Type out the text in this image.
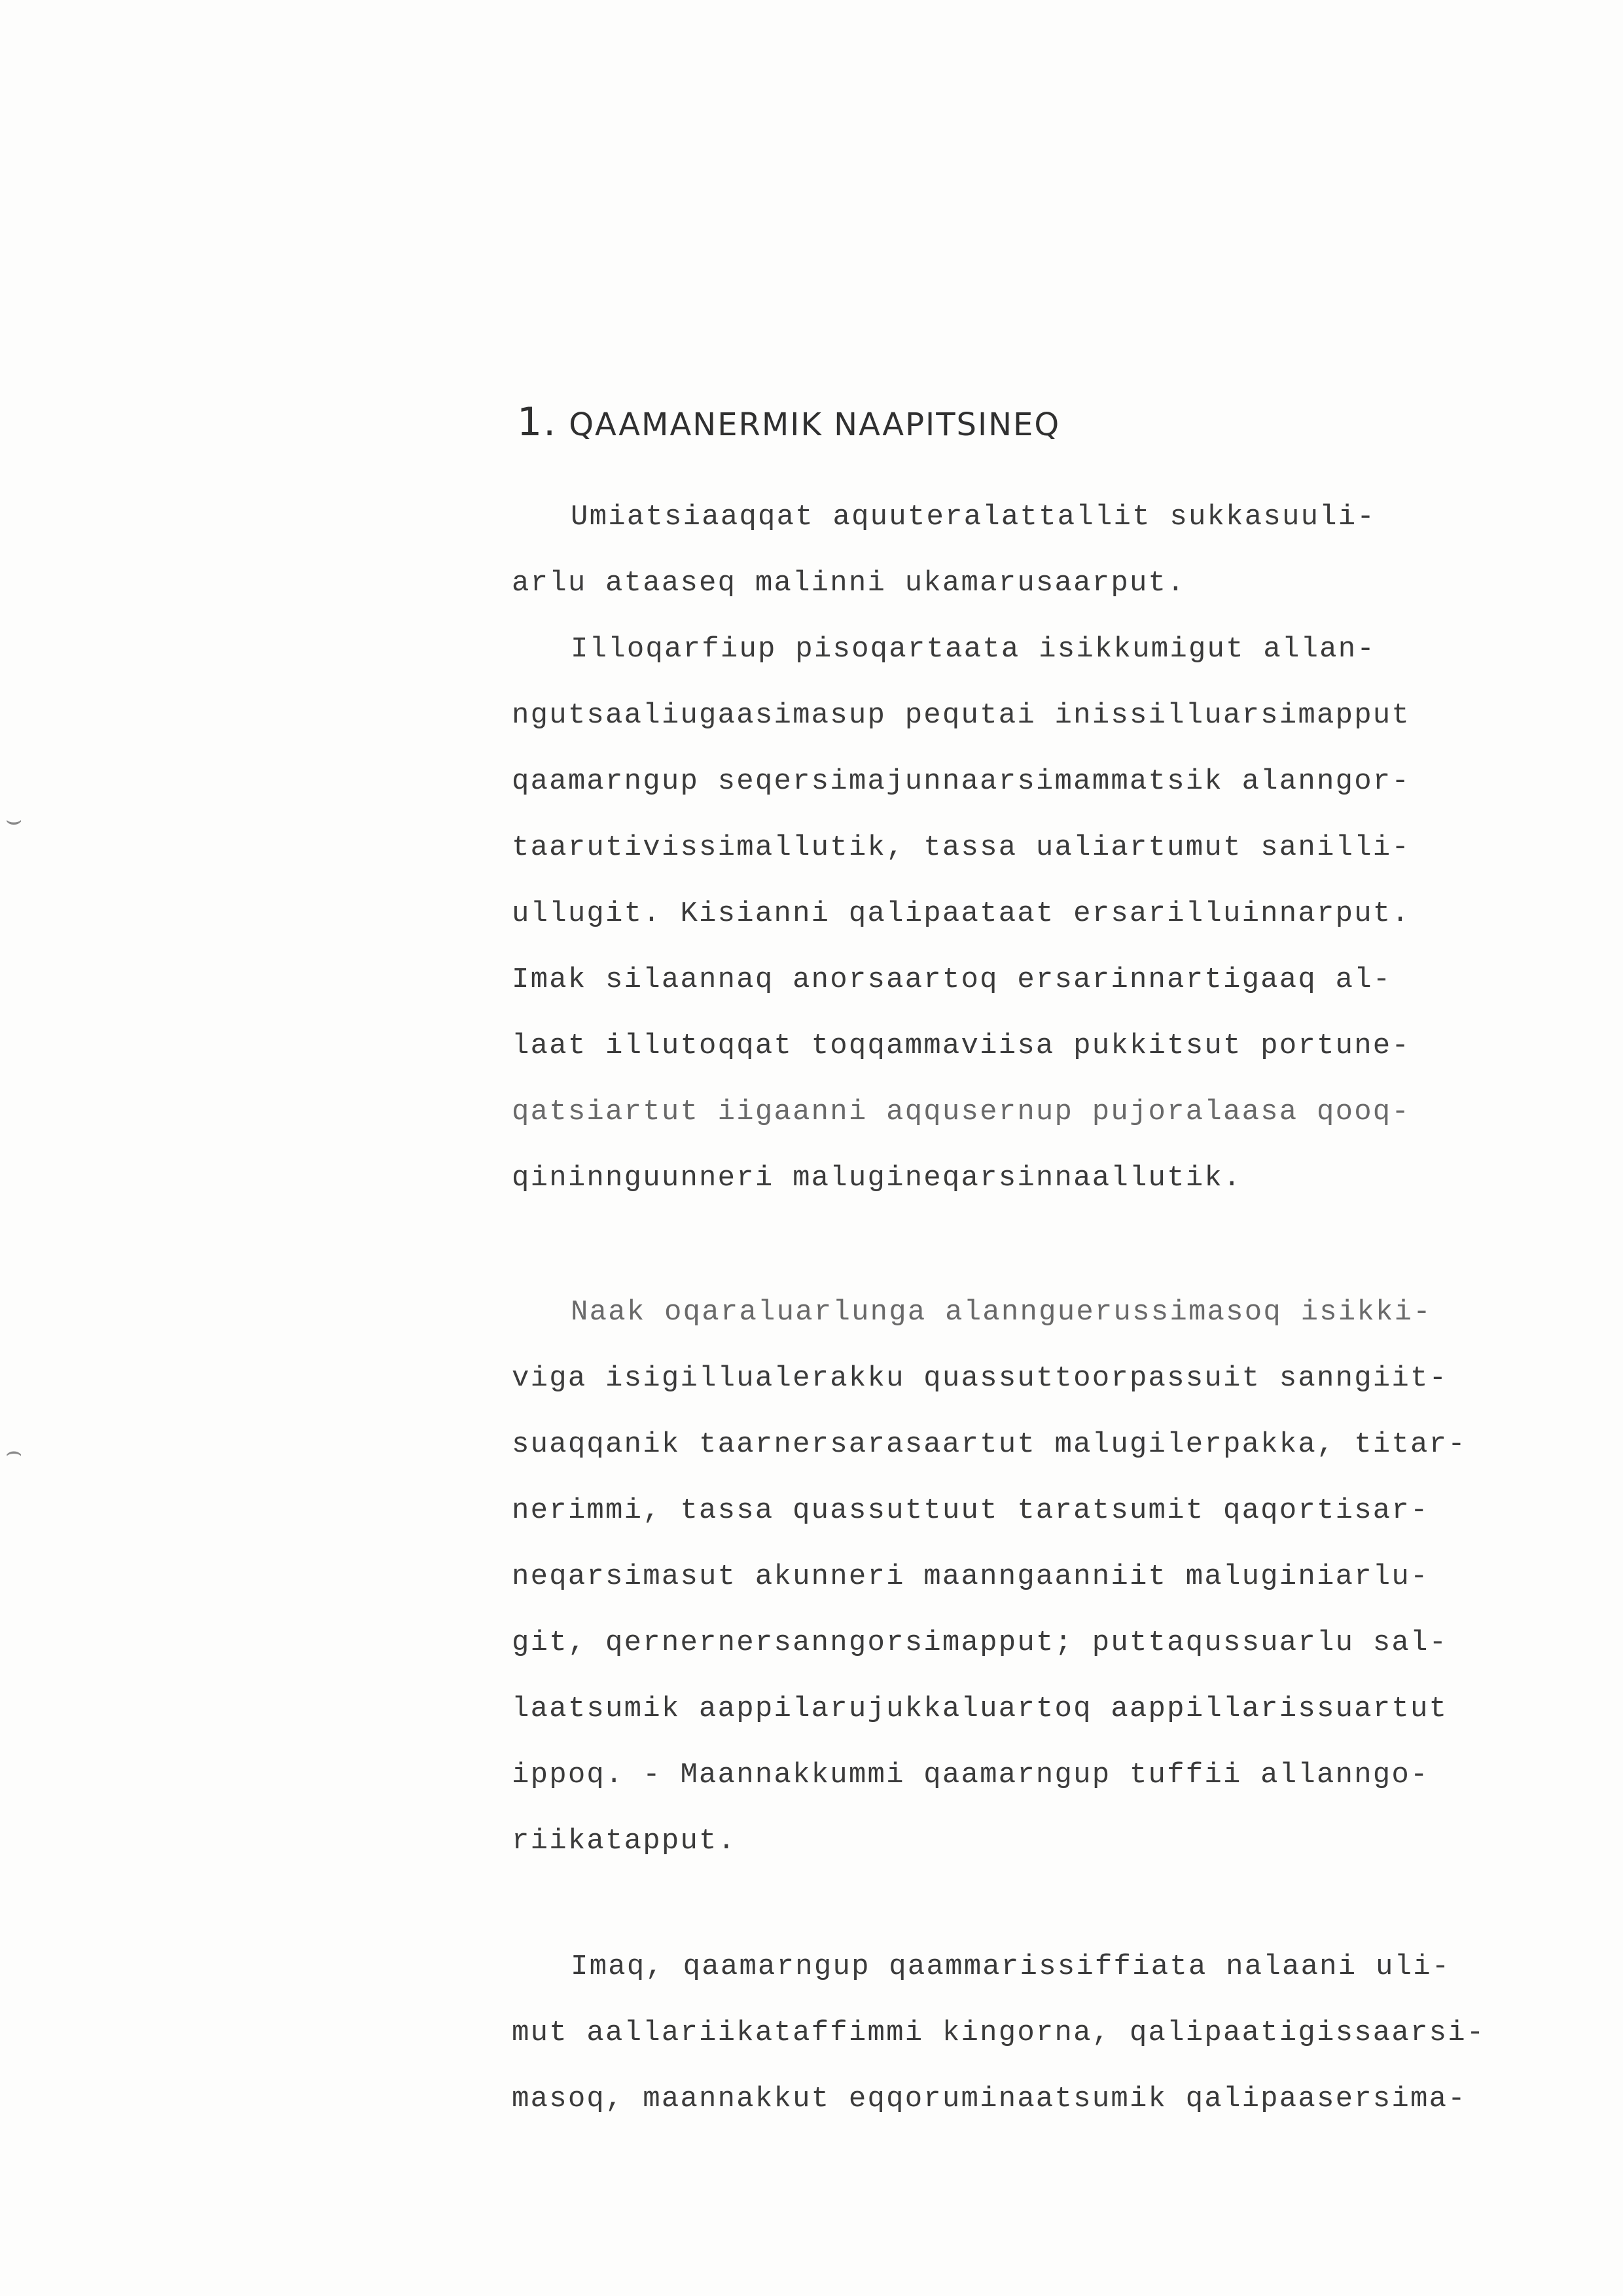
1. QAAMANERMIK NAAPITSINEQ
Umiatsiaaqqat aquuteralattallit sukkasuuli-
arlu ataaseq malinni ukamarusaarput.
Illoqarfiup pisoqartaata isikkumigut allan-
ngutsaaliugaasimasup pequtai inissilluarsimapput
qaamarngup seqersimajunnaarsimammatsik alanngor-
taarutivissimallutik, tassa ualiartumut sanilli-
ullugit. Kisianni qalipaataat ersarilluinnarput.
Imak silaannaq anorsaartoq ersarinnartigaaq al-
laat illutoqqat toqqammaviisa pukkitsut portune-
qatsiartut iigaanni aqqusernup pujoralaasa qooq-
qininnguunneri malugineqarsinnaallutik.
Naak oqaraluarlunga alannguerussimasoq isikki-
viga isigillualerakku quassuttoorpassuit sanngiit-
suaqqanik taarnersarasaartut malugilerpakka, titar-
nerimmi, tassa quassuttuut taratsumit qaqortisar-
neqarsimasut akunneri maanngaanniit maluginiarlu-
git, qernernersanngorsimapput; puttaqussuarlu sal-
laatsumik aappilarujukkaluartoq aappillarissuartut
ippoq. - Maannakkummi qaamarngup tuffii allanngo-
riikatapput.
Imaq, qaamarngup qaammarissiffiata nalaani uli-
mut aallariikataffimmi kingorna, qalipaatigissaarsi-
masoq, maannakkut eqqoruminaatsumik qalipaasersima-
⌣
⌢
